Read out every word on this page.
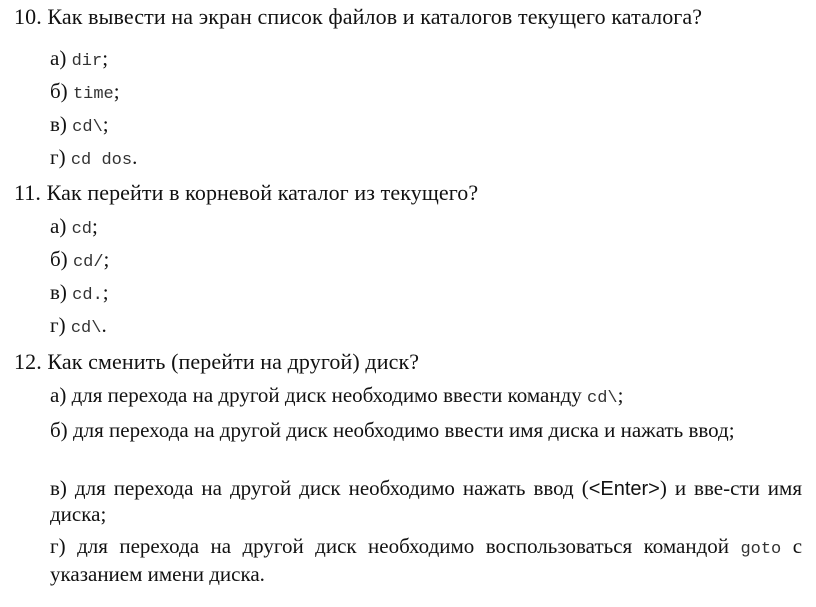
10. Как вывести на экран список файлов и каталогов текущего каталога?
а) dir;
б) time;
в) cd\;
г) cd dos.
11. Как перейти в корневой каталог из текущего?
а) cd;
б) cd/;
в) cd.;
г) cd\.
12. Как сменить (перейти на другой) диск?
а) для перехода на другой диск необходимо ввести команду cd\;
б) для перехода на другой диск необходимо ввести имя диска и нажать ввод;
в) для перехода на другой диск необходимо нажать ввод (<Enter>) и вве-сти имя диска;
г) для перехода на другой диск необходимо воспользоваться командой goto с указанием имени диска.
